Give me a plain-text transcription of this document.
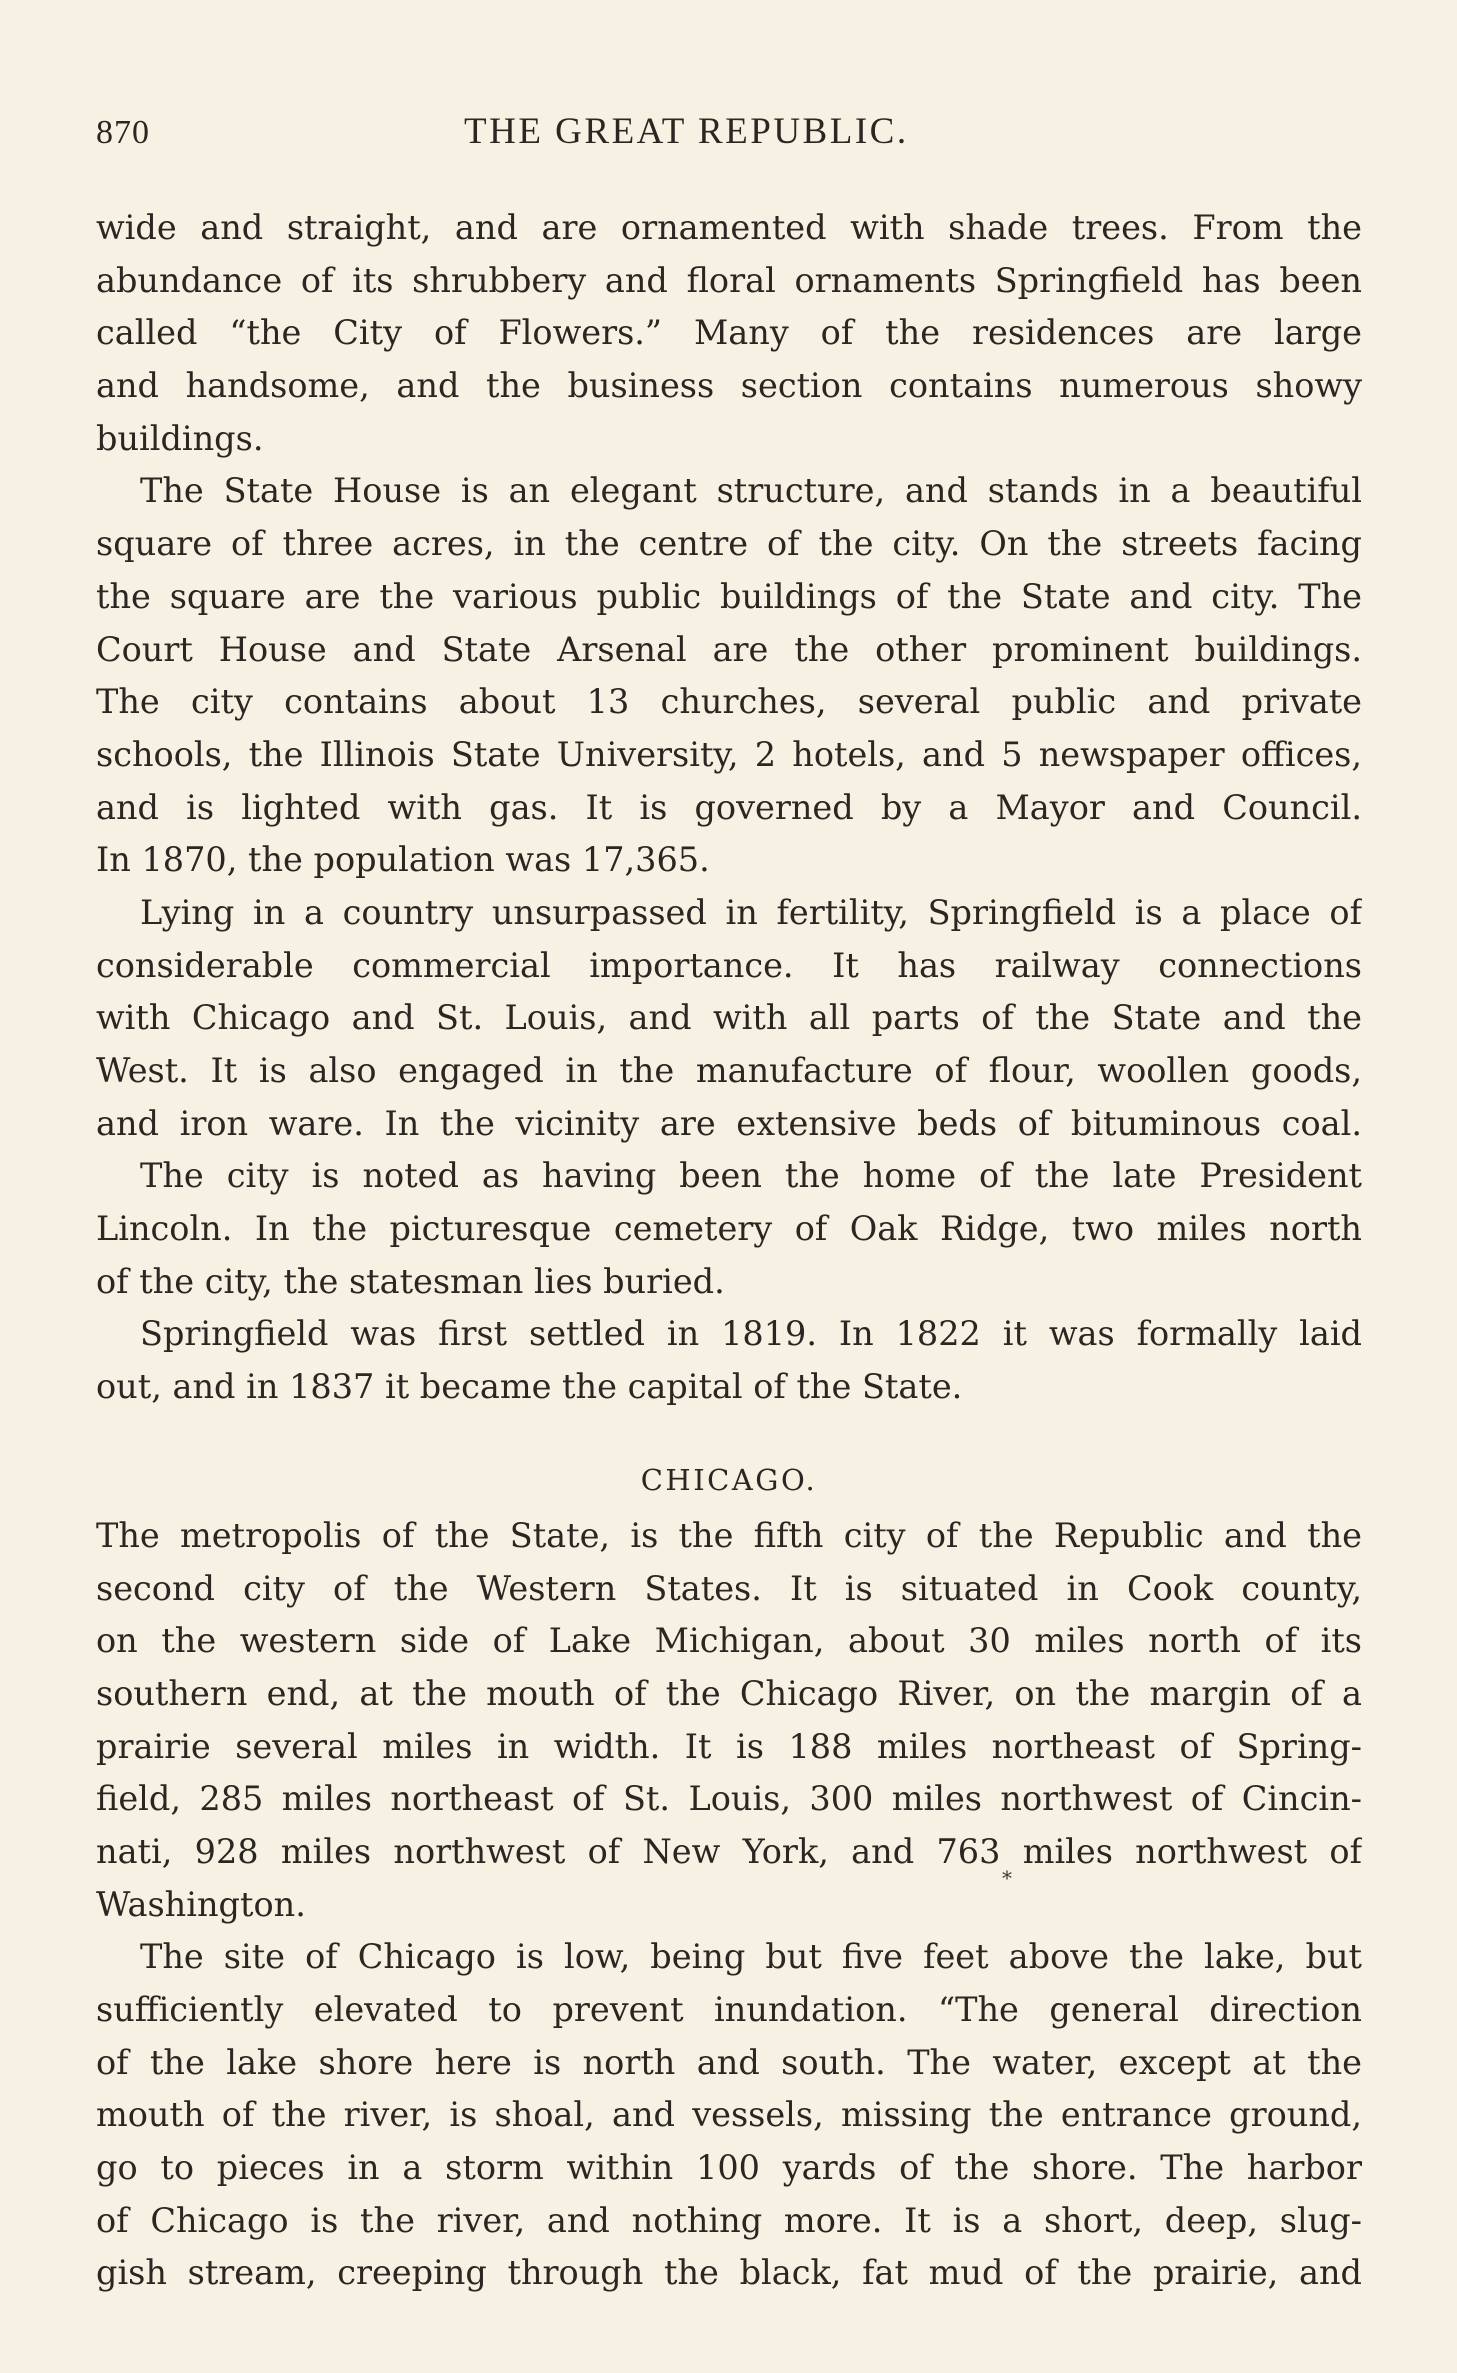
870	THE GREAT REPUBLIC.
wide and straight, and are ornamented with shade trees. From the
abundance of its shrubbery and floral ornaments Springfield has been
called “the City of Flowers.” Many of the residences are large
and handsome, and the business section contains numerous showy
buildings.
The State House is an elegant structure, and stands in a beautiful
square of three acres, in the centre of the city. On the streets facing
the square are the various public buildings of the State and city. The
Court House and State Arsenal are the other prominent buildings.
The city contains about 13 churches, several public and private
schools, the Illinois State University, 2 hotels, and 5 newspaper offices,
and is lighted with gas. It is governed by a Mayor and Council.
In 1870, the population was 17,365.
Lying in a country unsurpassed in fertility, Springfield is a place of
considerable commercial importance. It has railway connections
with Chicago and St. Louis, and with all parts of the State and the
West. It is also engaged in the manufacture of flour, woollen goods,
and iron ware. In the vicinity are extensive beds of bituminous coal.
The city is noted as having been the home of the late President
Lincoln. In the picturesque cemetery of Oak Ridge, two miles north
of the city, the statesman lies buried.
Springfield was first settled in 1819. In 1822 it was formally laid
out, and in 1837 it became the capital of the State.
CHICAGO.
The metropolis of the State, is the fifth city of the Republic and the
second city of the Western States. It is situated in Cook county,
on the western side of Lake Michigan, about 30 miles north of its
southern end, at the mouth of the Chicago River, on the margin of a
prairie several miles in width. It is 188 miles northeast of Spring-
field, 285 miles northeast of St. Louis, 300 miles northwest of Cincin-
nati, 928 miles northwest of New York, and 763 miles northwest of
Washington.
The site of Chicago is low, being but five feet above the lake, but
sufficiently elevated to prevent inundation. “The general direction
of the lake shore here is north and south. The water, except at the
mouth of the river, is shoal, and vessels, missing the entrance ground,
go to pieces in a storm within 100 yards of the shore. The harbor
of Chicago is the river, and nothing more. It is a short, deep, slug-
gish stream, creeping through the black, fat mud of the prairie, and
*
